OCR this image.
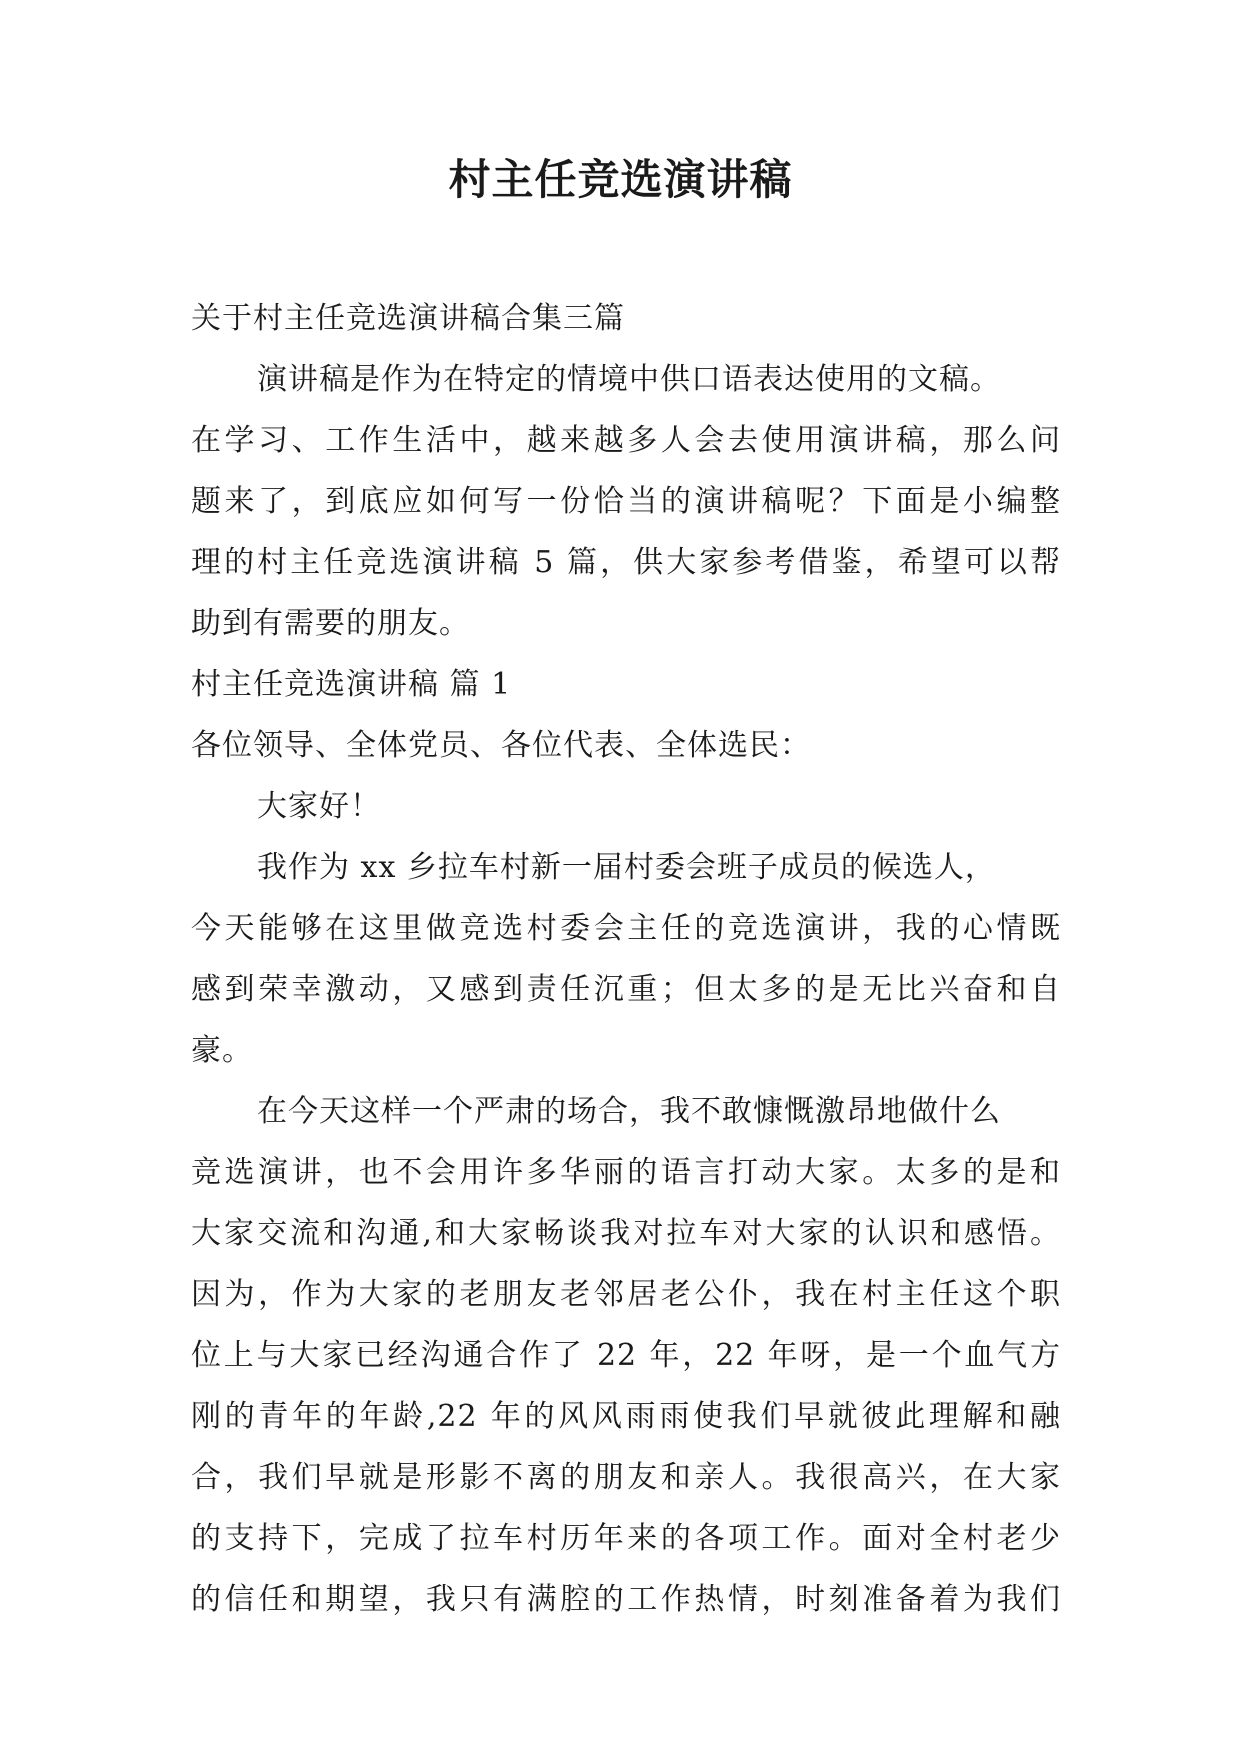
村主任竞选演讲稿
关于村主任竞选演讲稿合集三篇
演讲稿是作为在特定的情境中供口语表达使用的文稿。
在学习、工作生活中，越来越多人会去使用演讲稿，那么问
题来了，到底应如何写一份恰当的演讲稿呢？下面是小编整
理的村主任竞选演讲稿 5 篇，供大家参考借鉴，希望可以帮
助到有需要的朋友。
村主任竞选演讲稿 篇 1
各位领导、全体党员、各位代表、全体选民：
大家好！
我作为 xx 乡拉车村新一届村委会班子成员的候选人，
今天能够在这里做竞选村委会主任的竞选演讲，我的心情既
感到荣幸激动，又感到责任沉重；但太多的是无比兴奋和自
豪。
在今天这样一个严肃的场合，我不敢慷慨激昂地做什么
竞选演讲，也不会用许多华丽的语言打动大家。太多的是和
大家交流和沟通,和大家畅谈我对拉车对大家的认识和感悟。
因为，作为大家的老朋友老邻居老公仆，我在村主任这个职
位上与大家已经沟通合作了 22 年，22 年呀，是一个血气方
刚的青年的年龄,22 年的风风雨雨使我们早就彼此理解和融
合，我们早就是形影不离的朋友和亲人。我很高兴，在大家
的支持下，完成了拉车村历年来的各项工作。面对全村老少
的信任和期望，我只有满腔的工作热情，时刻准备着为我们
